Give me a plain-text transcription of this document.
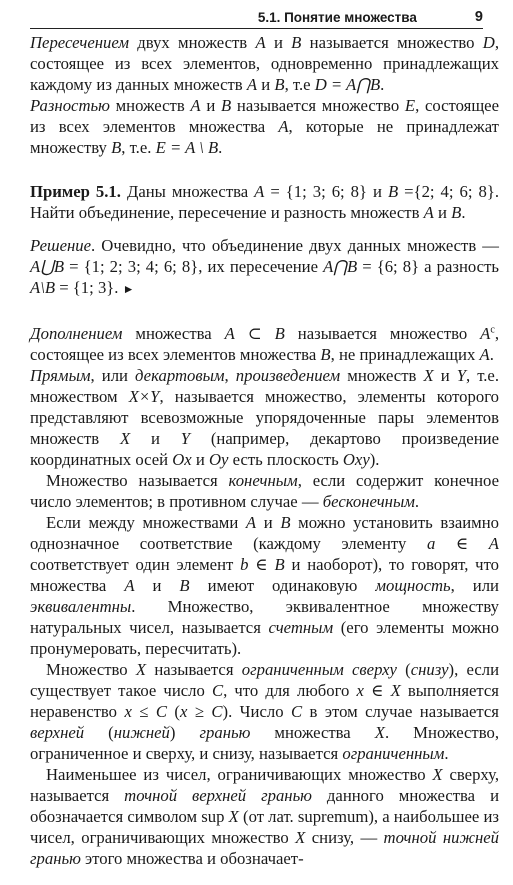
5.1. Понятие множества	9

Пересечением двух множеств A и B называется множество D, состоящее из всех элементов, одновременно принадлежащих каждому из данных множеств A и B, т.е D = A⋂B.

Разностью множеств A и B называется множество E, состоящее из всех элементов множества A, которые не принадлежат множеству B, т.е. E = A \ B.

Пример 5.1. Даны множества A = {1; 3; 6; 8} и B ={2; 4; 6; 8}. Найти объединение, пересечение и разность множеств A и B.

Решение. Очевидно, что объединение двух данных множеств — A⋃B = {1; 2; 3; 4; 6; 8}, их пересечение A⋂B = {6; 8} а разность A\B = {1; 3}. ►

Дополнением множества A ⊂ B называется множество $A^c$, состоящее из всех элементов множества B, не принадлежащих A.

Прямым, или декартовым, произведением множеств X и Y, т.е. множеством X×Y, называется множество, элементы которого представляют всевозможные упорядоченные пары элементов множеств X и Y (например, декартово произведение координатных осей Ox и Oy есть плоскость Oxy).

Множество называется конечным, если содержит конечное число элементов; в противном случае — бесконечным.

Если между множествами A и B можно установить взаимно однозначное соответствие (каждому элементу a ∈ A соответствует один элемент b ∈ B и наоборот), то говорят, что множества A и B имеют одинаковую мощность, или эквивалентны. Множество, эквивалентное множеству натуральных чисел, называется счетным (его элементы можно пронумеровать, пересчитать).

Множество X называется ограниченным сверху (снизу), если существует такое число C, что для любого x ∈ X выполняется неравенство x ≤ C (x ≥ C). Число C в этом случае называется верхней (нижней) гранью множества X. Множество, ограниченное и сверху, и снизу, называется ограниченным.

Наименьшее из чисел, ограничивающих множество X сверху, называется точной верхней гранью данного множества и обозначается символом sup X (от лат. supremum), а наибольшее из чисел, ограничивающих множество X снизу, — точной нижней гранью этого множества и обозначает-
